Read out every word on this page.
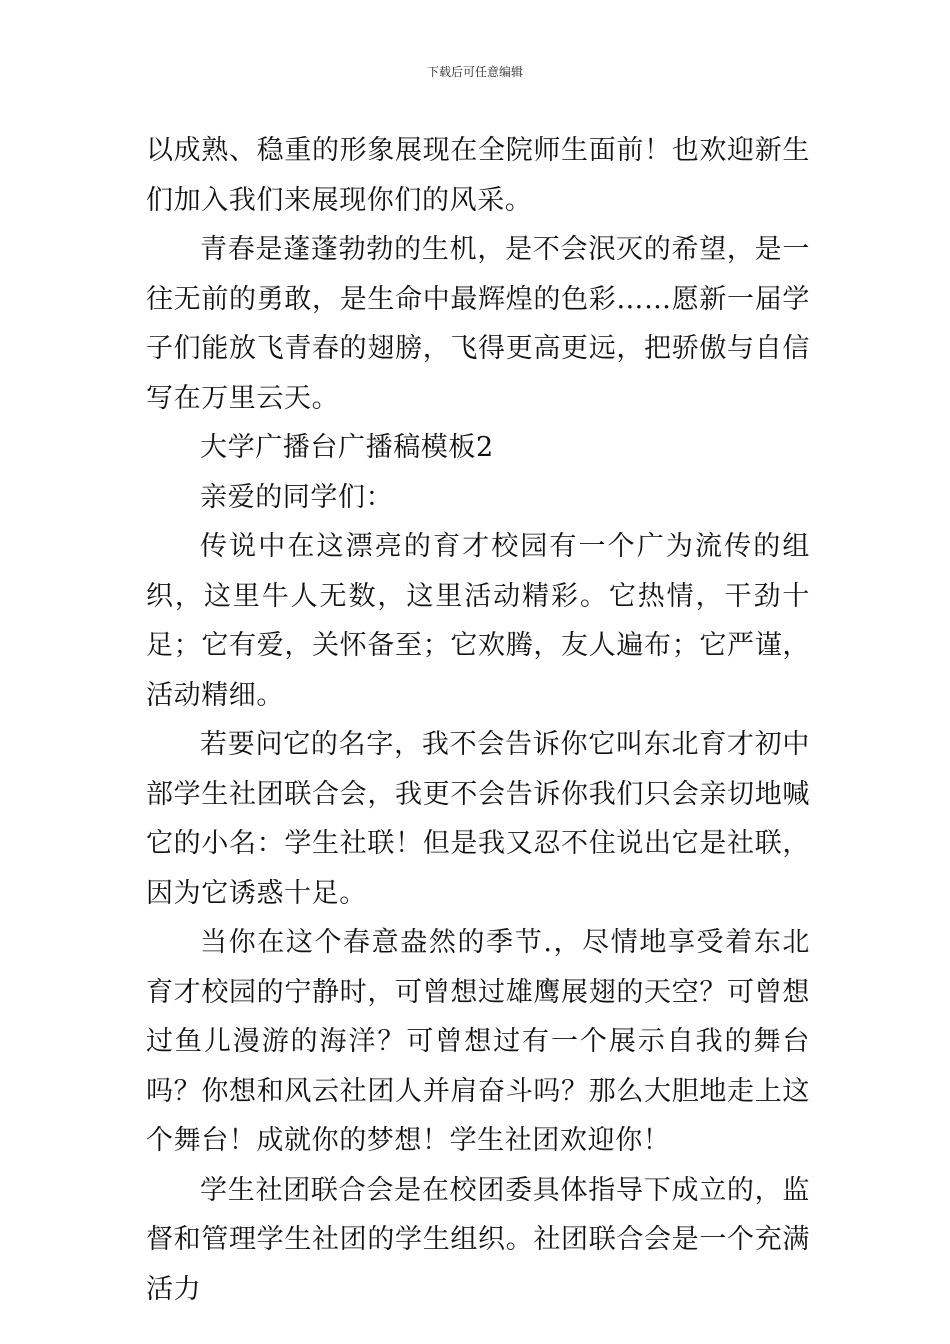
下载后可任意编辑

以成熟、稳重的形象展现在全院师生面前！也欢迎新生们加入我们来展现你们的风采。

青春是蓬蓬勃勃的生机，是不会泯灭的希望，是一往无前的勇敢，是生命中最辉煌的色彩……愿新一届学子们能放飞青春的翅膀，飞得更高更远，把骄傲与自信写在万里云天。

大学广播台广播稿模板2

亲爱的同学们：

传说中在这漂亮的育才校园有一个广为流传的组织，这里牛人无数，这里活动精彩。它热情，干劲十足；它有爱，关怀备至；它欢腾，友人遍布；它严谨，活动精细。

若要问它的名字，我不会告诉你它叫东北育才初中部学生社团联合会，我更不会告诉你我们只会亲切地喊它的小名：学生社联！但是我又忍不住说出它是社联，因为它诱惑十足。

当你在这个春意盎然的季节.，尽情地享受着东北育才校园的宁静时，可曾想过雄鹰展翅的天空？可曾想过鱼儿漫游的海洋？可曾想过有一个展示自我的舞台吗？你想和风云社团人并肩奋斗吗？那么大胆地走上这个舞台！成就你的梦想！学生社团欢迎你！

学生社团联合会是在校团委具体指导下成立的，监督和管理学生社团的学生组织。社团联合会是一个充满活力
